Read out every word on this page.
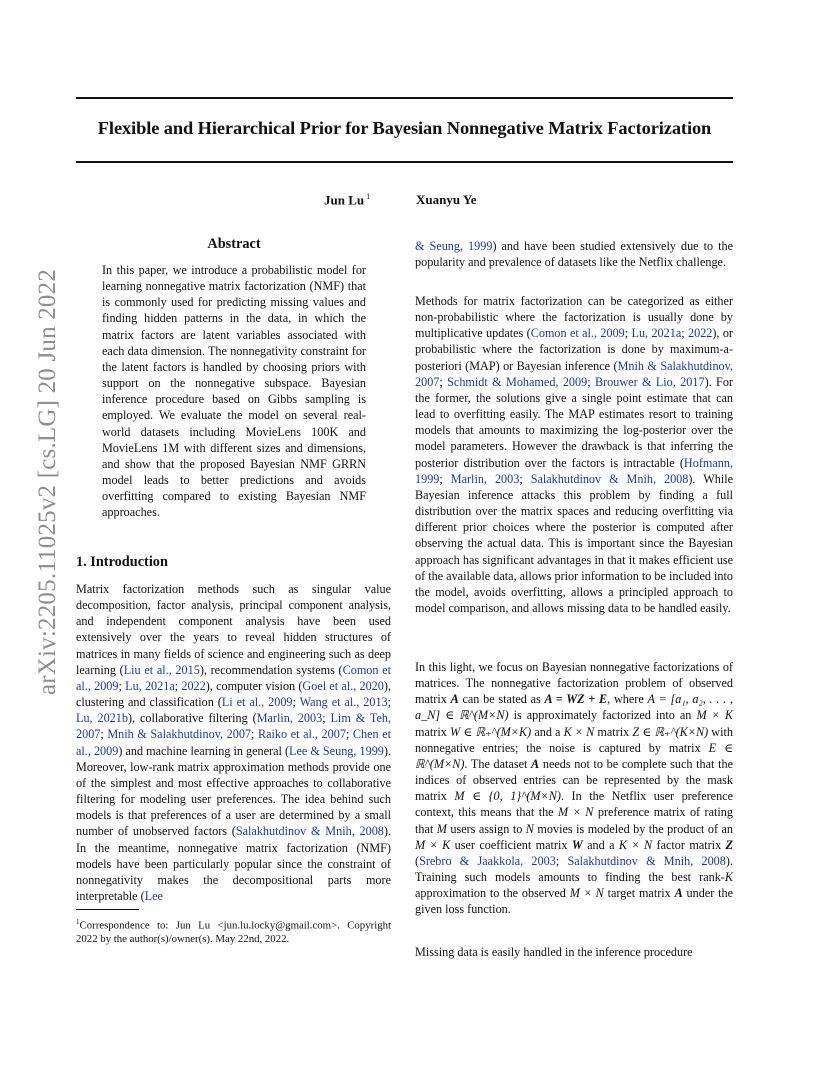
Flexible and Hierarchical Prior for Bayesian Nonnegative Matrix Factorization
Jun Lu $^1$	Xuanyu Ye
arXiv:2205.11025v2 [cs.LG] 20 Jun 2022
Abstract

In this paper, we introduce a probabilistic model for learning nonnegative matrix factorization (NMF) that is commonly used for predicting missing values and finding hidden patterns in the data, in which the matrix factors are latent variables associated with each data dimension. The nonnegativity constraint for the latent factors is handled by choosing priors with support on the nonnegative subspace. Bayesian inference procedure based on Gibbs sampling is employed. We evaluate the model on several real-world datasets including MovieLens 100K and MovieLens 1M with different sizes and dimensions, and show that the proposed Bayesian NMF GRRN model leads to better predictions and avoids overfitting compared to existing Bayesian NMF approaches.

1. Introduction

Matrix factorization methods such as singular value decomposition, factor analysis, principal component analysis, and independent component analysis have been used extensively over the years to reveal hidden structures of matrices in many fields of science and engineering such as deep learning (Liu et al., 2015), recommendation systems (Comon et al., 2009; Lu, 2021a; 2022), computer vision (Goel et al., 2020), clustering and classification (Li et al., 2009; Wang et al., 2013; Lu, 2021b), collaborative filtering (Marlin, 2003; Lim & Teh, 2007; Mnih & Salakhutdinov, 2007; Raiko et al., 2007; Chen et al., 2009) and machine learning in general (Lee & Seung, 1999). Moreover, low-rank matrix approximation methods provide one of the simplest and most effective approaches to collaborative filtering for modeling user preferences. The idea behind such models is that preferences of a user are determined by a small number of unobserved factors (Salakhutdinov & Mnih, 2008). In the meantime, nonnegative matrix factorization (NMF) models have been particularly popular since the constraint of nonnegativity makes the decompositional parts more interpretable (Lee

$^1$Correspondence to: Jun Lu <jun.lu.locky@gmail.com>. Copyright 2022 by the author(s)/owner(s). May 22nd, 2022.

& Seung, 1999) and have been studied extensively due to the popularity and prevalence of datasets like the Netflix challenge.

Methods for matrix factorization can be categorized as either non-probabilistic where the factorization is usually done by multiplicative updates (Comon et al., 2009; Lu, 2021a; 2022), or probabilistic where the factorization is done by maximum-a-posteriori (MAP) or Bayesian inference (Mnih & Salakhutdinov, 2007; Schmidt & Mohamed, 2009; Brouwer & Lio, 2017). For the former, the solutions give a single point estimate that can lead to overfitting easily. The MAP estimates resort to training models that amounts to maximizing the log-posterior over the model parameters. However the drawback is that inferring the posterior distribution over the factors is intractable (Hofmann, 1999; Marlin, 2003; Salakhutdinov & Mnih, 2008). While Bayesian inference attacks this problem by finding a full distribution over the matrix spaces and reducing overfitting via different prior choices where the posterior is computed after observing the actual data. This is important since the Bayesian approach has significant advantages in that it makes efficient use of the available data, allows prior information to be included into the model, avoids overfitting, allows a principled approach to model comparison, and allows missing data to be handled easily.

In this light, we focus on Bayesian nonnegative factorizations of matrices. The nonnegative factorization problem of observed matrix A can be stated as A = WZ + E, where A = [a₁, a₂, . . . , a_N] ∈ ℝ^(M×N) is approximately factorized into an M × K matrix W ∈ ℝ₊^(M×K) and a K × N matrix Z ∈ ℝ₊^(K×N) with nonnegative entries; the noise is captured by matrix E ∈ ℝ^(M×N). The dataset A needs not to be complete such that the indices of observed entries can be represented by the mask matrix M ∈ {0, 1}^(M×N). In the Netflix user preference context, this means that the M × N preference matrix of rating that M users assign to N movies is modeled by the product of an M × K user coefficient matrix W and a K × N factor matrix Z (Srebro & Jaakkola, 2003; Salakhutdinov & Mnih, 2008). Training such models amounts to finding the best rank-K approximation to the observed M × N target matrix A under the given loss function.

Missing data is easily handled in the inference procedure
